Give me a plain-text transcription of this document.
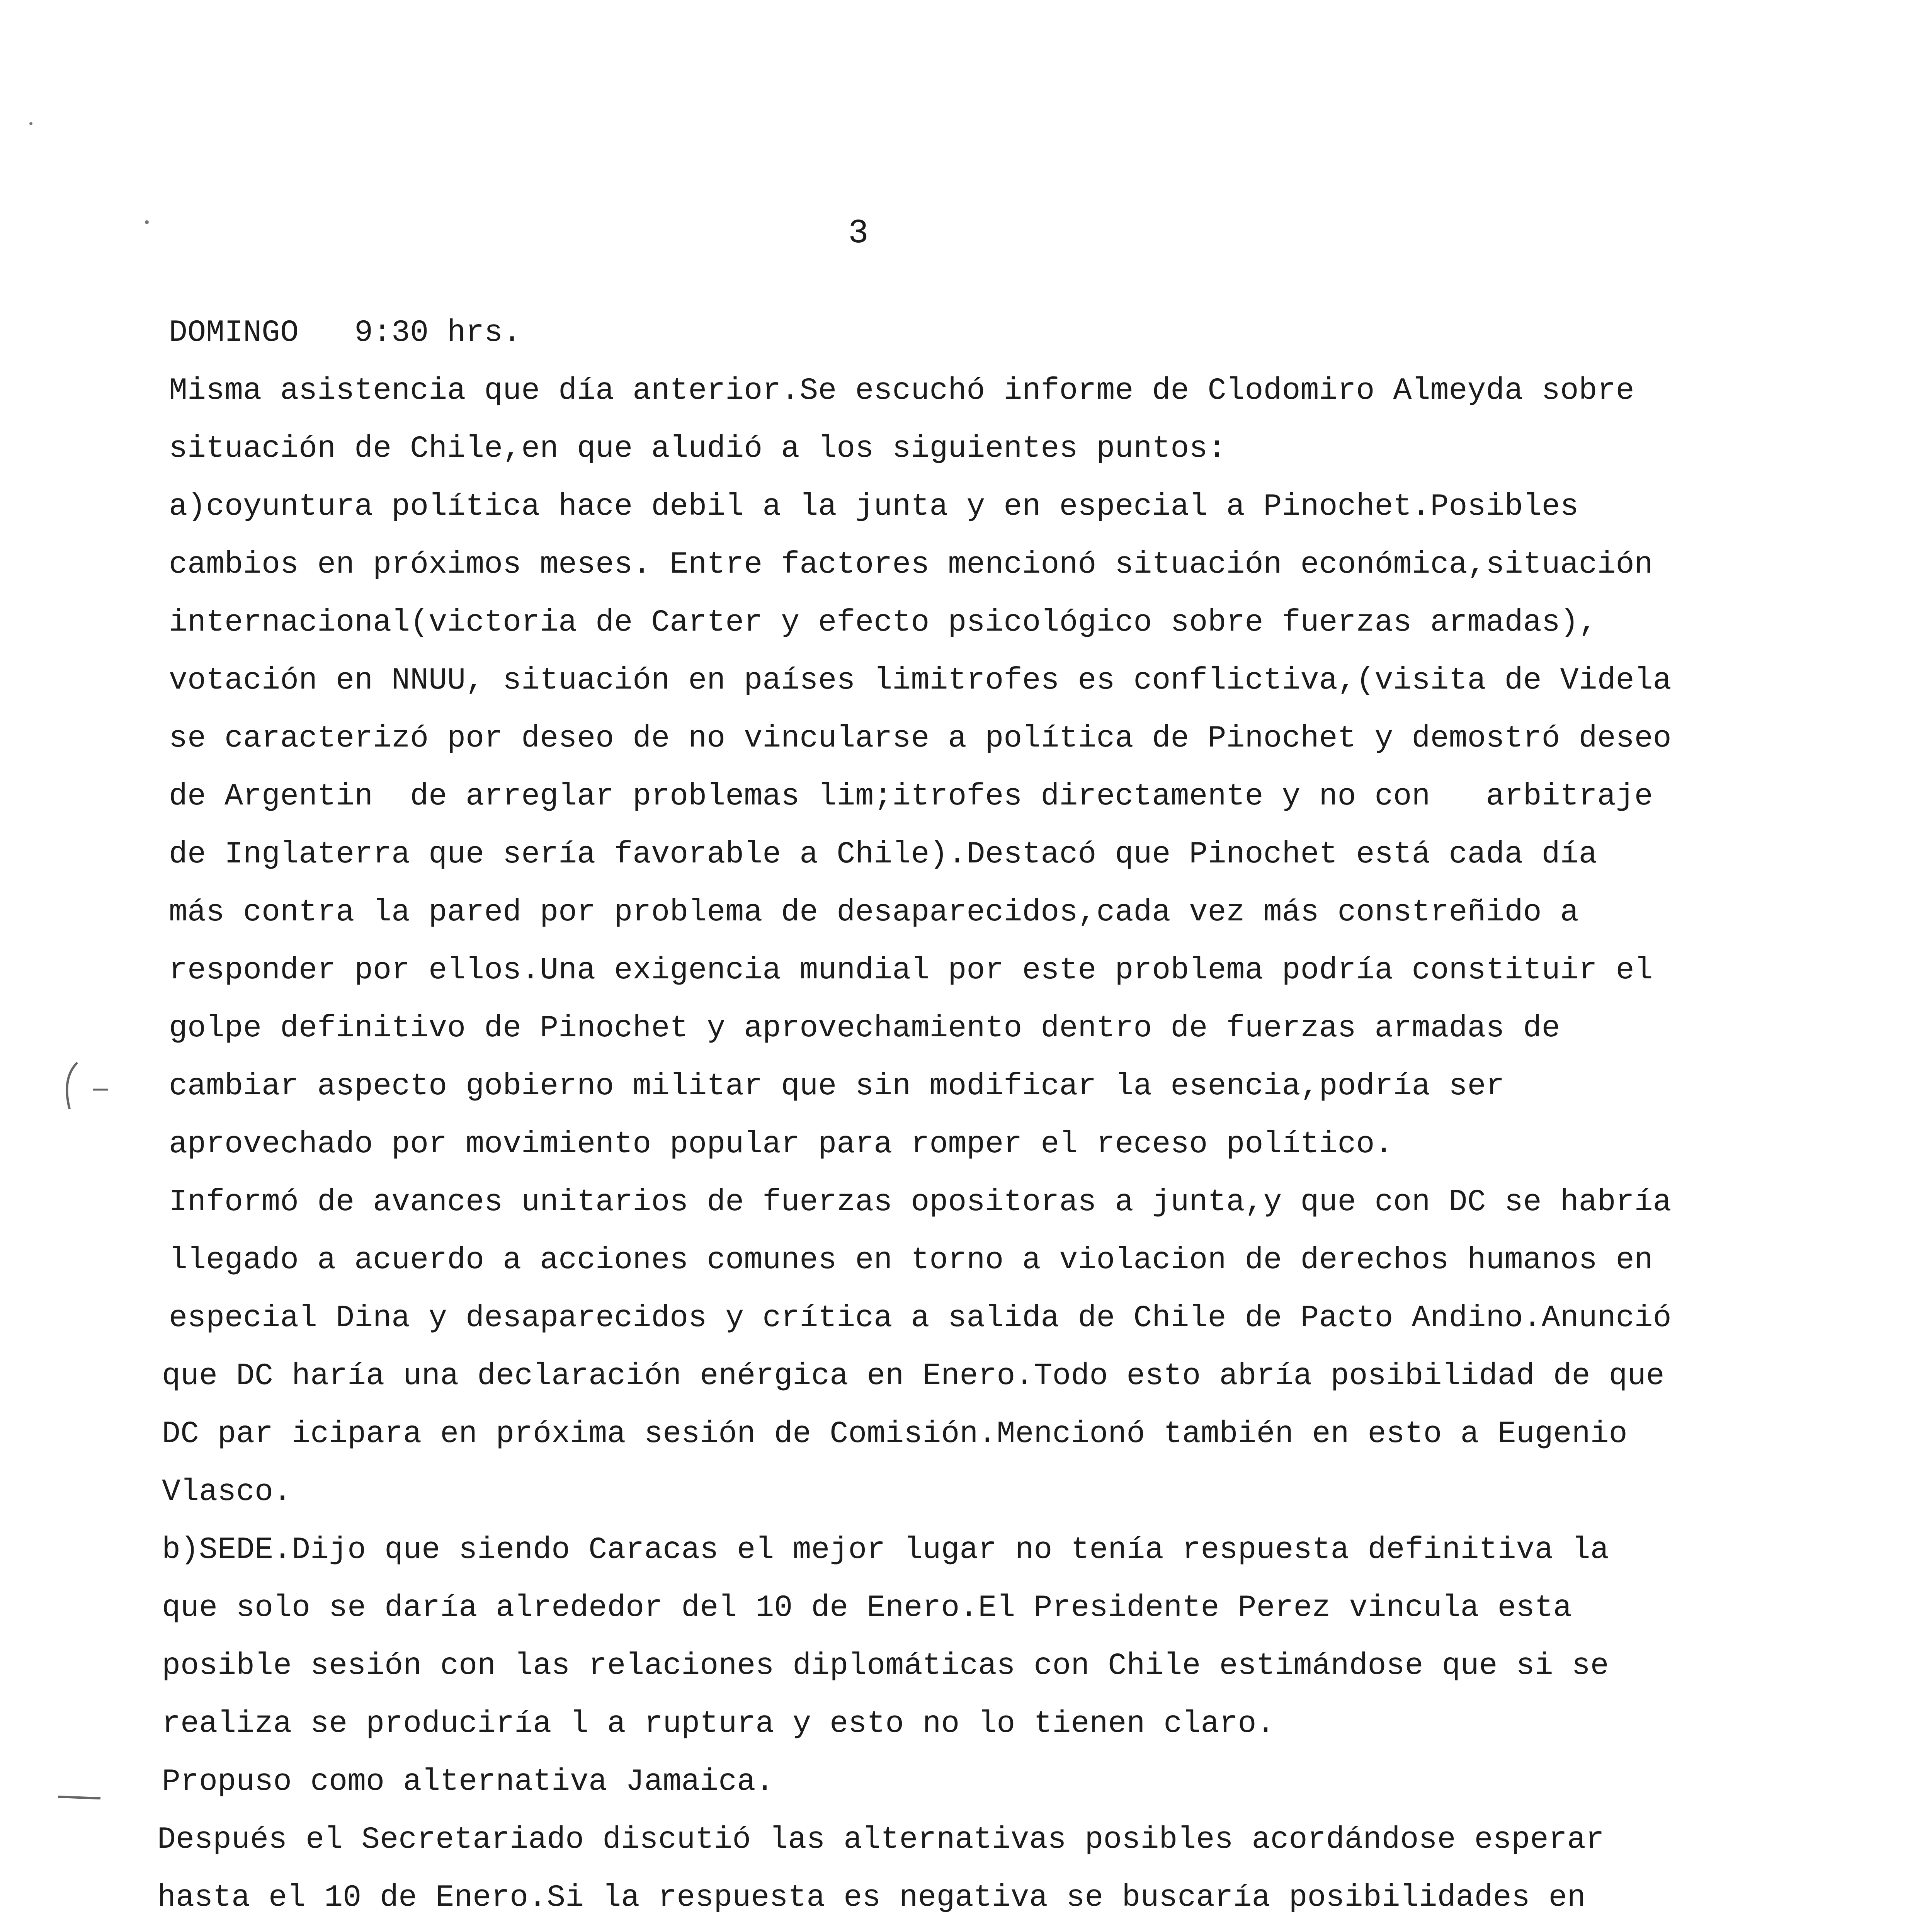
3
DOMINGO   9:30 hrs.
Misma asistencia que día anterior.Se escuchó informe de Clodomiro Almeyda sobre
situación de Chile,en que aludió a los siguientes puntos:
a)coyuntura política hace debil a la junta y en especial a Pinochet.Posibles
cambios en próximos meses. Entre factores mencionó situación económica,situación
internacional(victoria de Carter y efecto psicológico sobre fuerzas armadas),
votación en NNUU, situación en países limitrofes es conflictiva,(visita de Videla
se caracterizó por deseo de no vincularse a política de Pinochet y demostró deseo
de Argentin  de arreglar problemas lim;itrofes directamente y no con   arbitraje
de Inglaterra que sería favorable a Chile).Destacó que Pinochet está cada día
más contra la pared por problema de desaparecidos,cada vez más constreñido a
responder por ellos.Una exigencia mundial por este problema podría constituir el
golpe definitivo de Pinochet y aprovechamiento dentro de fuerzas armadas de
cambiar aspecto gobierno militar que sin modificar la esencia,podría ser
aprovechado por movimiento popular para romper el receso político.
Informó de avances unitarios de fuerzas opositoras a junta,y que con DC se habría
llegado a acuerdo a acciones comunes en torno a violacion de derechos humanos en
especial Dina y desaparecidos y crítica a salida de Chile de Pacto Andino.Anunció
que DC haría una declaración enérgica en Enero.Todo esto abría posibilidad de que
DC par icipara en próxima sesión de Comisión.Mencionó también en esto a Eugenio
Vlasco.
b)SEDE.Dijo que siendo Caracas el mejor lugar no tenía respuesta definitiva la
que solo se daría alrededor del 10 de Enero.El Presidente Perez vincula esta
posible sesión con las relaciones diplomáticas con Chile estimándose que si se
realiza se produciría l a ruptura y esto no lo tienen claro.
Propuso como alternativa Jamaica.
Después el Secretariado discutió las alternativas posibles acordándose esperar
hasta el 10 de Enero.Si la respuesta es negativa se buscaría posibilidades en
